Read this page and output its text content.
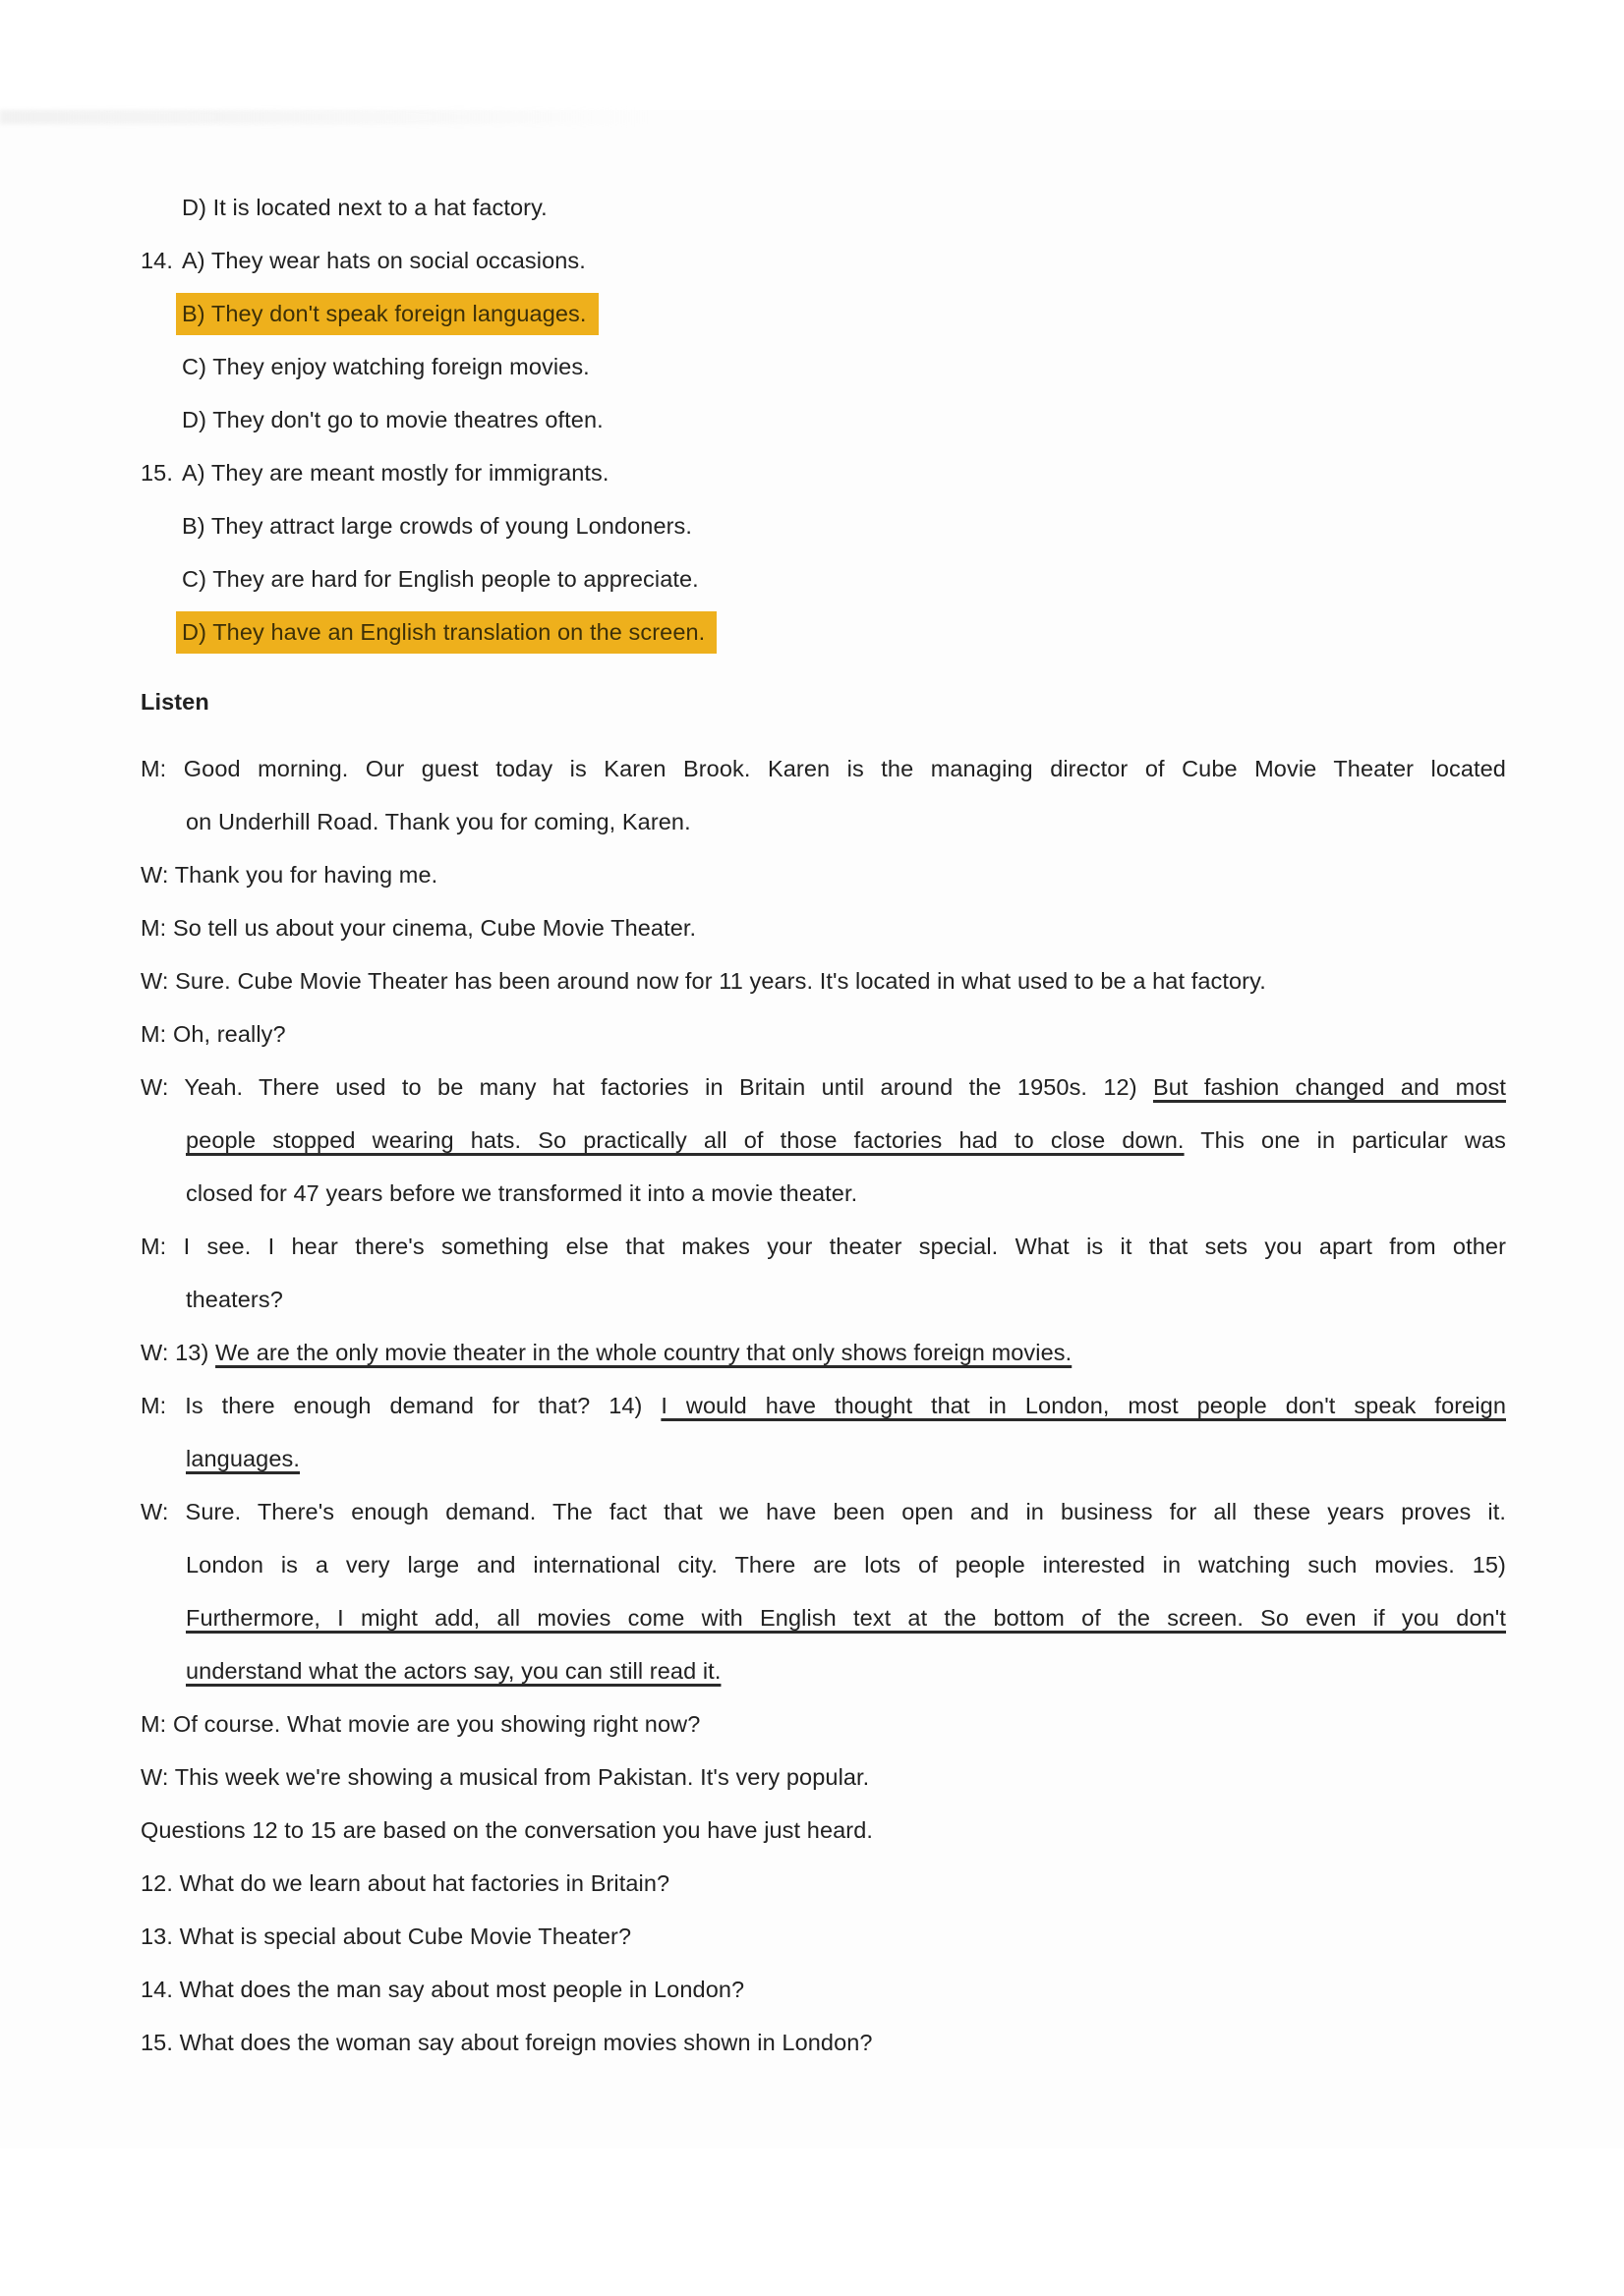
D) It is located next to a hat factory.
14. A) They wear hats on social occasions.
B) They don't speak foreign languages.
C) They enjoy watching foreign movies.
D) They don't go to movie theatres often.
15. A) They are meant mostly for immigrants.
B) They attract large crowds of young Londoners.
C) They are hard for English people to appreciate.
D) They have an English translation on the screen.
Listen
M: Good morning. Our guest today is Karen Brook. Karen is the managing director of Cube Movie Theater located
on Underhill Road. Thank you for coming, Karen.
W: Thank you for having me.
M: So tell us about your cinema, Cube Movie Theater.
W: Sure. Cube Movie Theater has been around now for 11 years. It's located in what used to be a hat factory.
M: Oh, really?
W: Yeah. There used to be many hat factories in Britain until around the 1950s. 12) But fashion changed and most
people stopped wearing hats. So practically all of those factories had to close down. This one in particular was
closed for 47 years before we transformed it into a movie theater.
M: I see. I hear there's something else that makes your theater special. What is it that sets you apart from other
theaters?
W: 13) We are the only movie theater in the whole country that only shows foreign movies.
M: Is there enough demand for that? 14) I would have thought that in London, most people don't speak foreign
languages.
W: Sure. There's enough demand. The fact that we have been open and in business for all these years proves it.
London is a very large and international city. There are lots of people interested in watching such movies. 15)
Furthermore, I might add, all movies come with English text at the bottom of the screen. So even if you don't
understand what the actors say, you can still read it.
M: Of course. What movie are you showing right now?
W: This week we're showing a musical from Pakistan. It's very popular.
Questions 12 to 15 are based on the conversation you have just heard.
12. What do we learn about hat factories in Britain?
13. What is special about Cube Movie Theater?
14. What does the man say about most people in London?
15. What does the woman say about foreign movies shown in London?
